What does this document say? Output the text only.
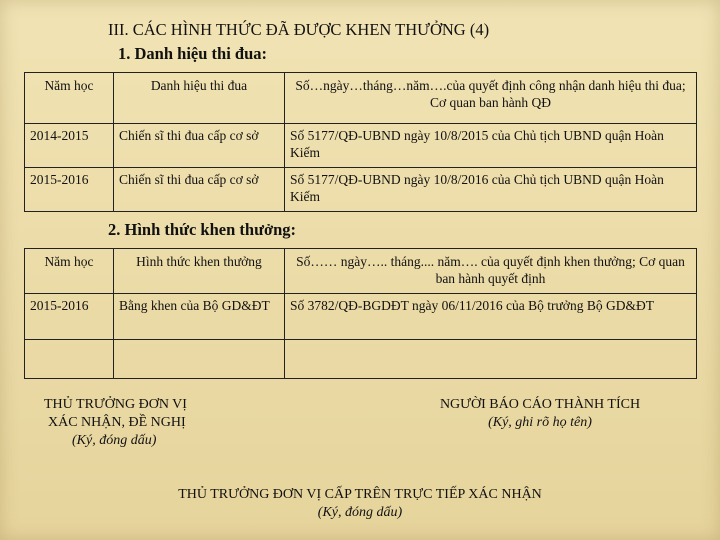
III. CÁC HÌNH THỨC ĐÃ ĐƯỢC KHEN THƯỞNG (4)
1. Danh hiệu thi đua:
Năm học	Danh hiệu thi đua	Số…ngày…tháng…năm….của quyết định công nhận danh hiệu thi đua; Cơ quan ban hành QĐ
2014-2015	Chiến sĩ thi đua cấp cơ sở	Số 5177/QĐ-UBND ngày 10/8/2015 của Chủ tịch UBND quận Hoàn Kiếm
2015-2016	Chiến sĩ thi đua cấp cơ sở	Số 5177/QĐ-UBND ngày 10/8/2016 của Chủ tịch UBND quận Hoàn Kiếm
2. Hình thức khen thưởng:
Năm học	Hình thức khen thưởng	Số…… ngày….. tháng.... năm…. của quyết định khen thưởng; Cơ quan ban hành quyết định
2015-2016	Bằng khen của Bộ GD&ĐT	Số 3782/QĐ-BGDĐT ngày 06/11/2016 của Bộ trưởng Bộ GD&ĐT

THỦ TRƯỞNG ĐƠN VỊ
XÁC NHẬN, ĐỀ NGHỊ
(Ký, đóng dấu)
NGƯỜI BÁO CÁO THÀNH TÍCH
(Ký, ghi rõ họ tên)
THỦ TRƯỞNG ĐƠN VỊ CẤP TRÊN TRỰC TIẾP XÁC NHẬN
(Ký, đóng dấu)
